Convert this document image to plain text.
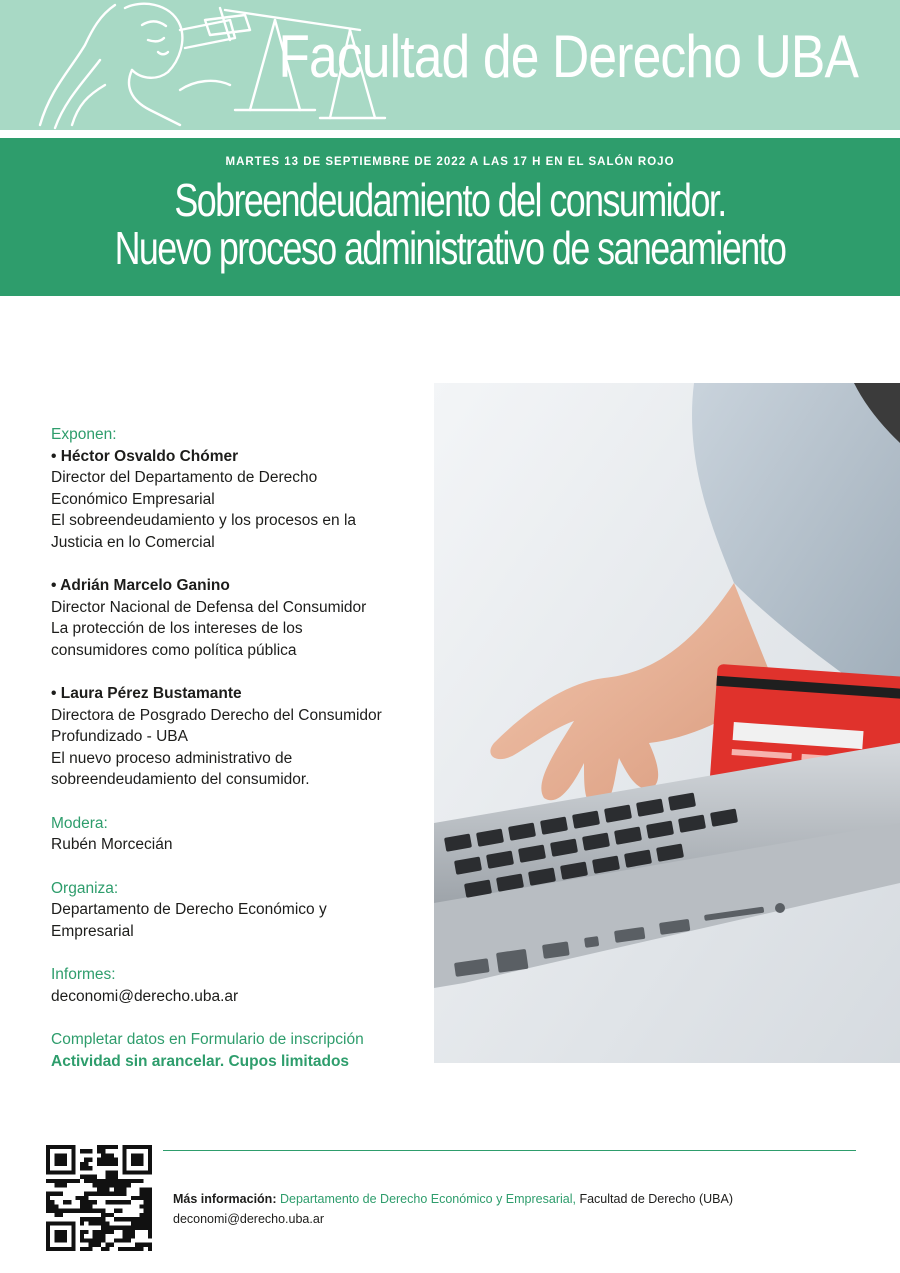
Facultad de Derecho UBA
MARTES 13 DE SEPTIEMBRE DE 2022 A LAS 17 H EN EL SALÓN ROJO
Sobreendeudamiento del consumidor.
Nuevo proceso administrativo de saneamiento
Exponen:
• Héctor Osvaldo Chómer
Director del Departamento de Derecho
Económico Empresarial
El sobreendeudamiento y los procesos en la
Justicia en lo Comercial
• Adrián Marcelo Ganino
Director Nacional de Defensa del Consumidor
La protección de los intereses de los
consumidores como política pública
• Laura Pérez Bustamante
Directora de Posgrado Derecho del Consumidor
Profundizado - UBA
El nuevo proceso administrativo de
sobreendeudamiento del consumidor.
Modera:
Rubén Morcecián
Organiza:
Departamento de Derecho Económico y
Empresarial
Informes:
deconomi@derecho.uba.ar
Completar datos en Formulario de inscripción
Actividad sin arancelar. Cupos limitados
Más información: Departamento de Derecho Económico y Empresarial, Facultad de Derecho (UBA)
deconomi@derecho.uba.ar
